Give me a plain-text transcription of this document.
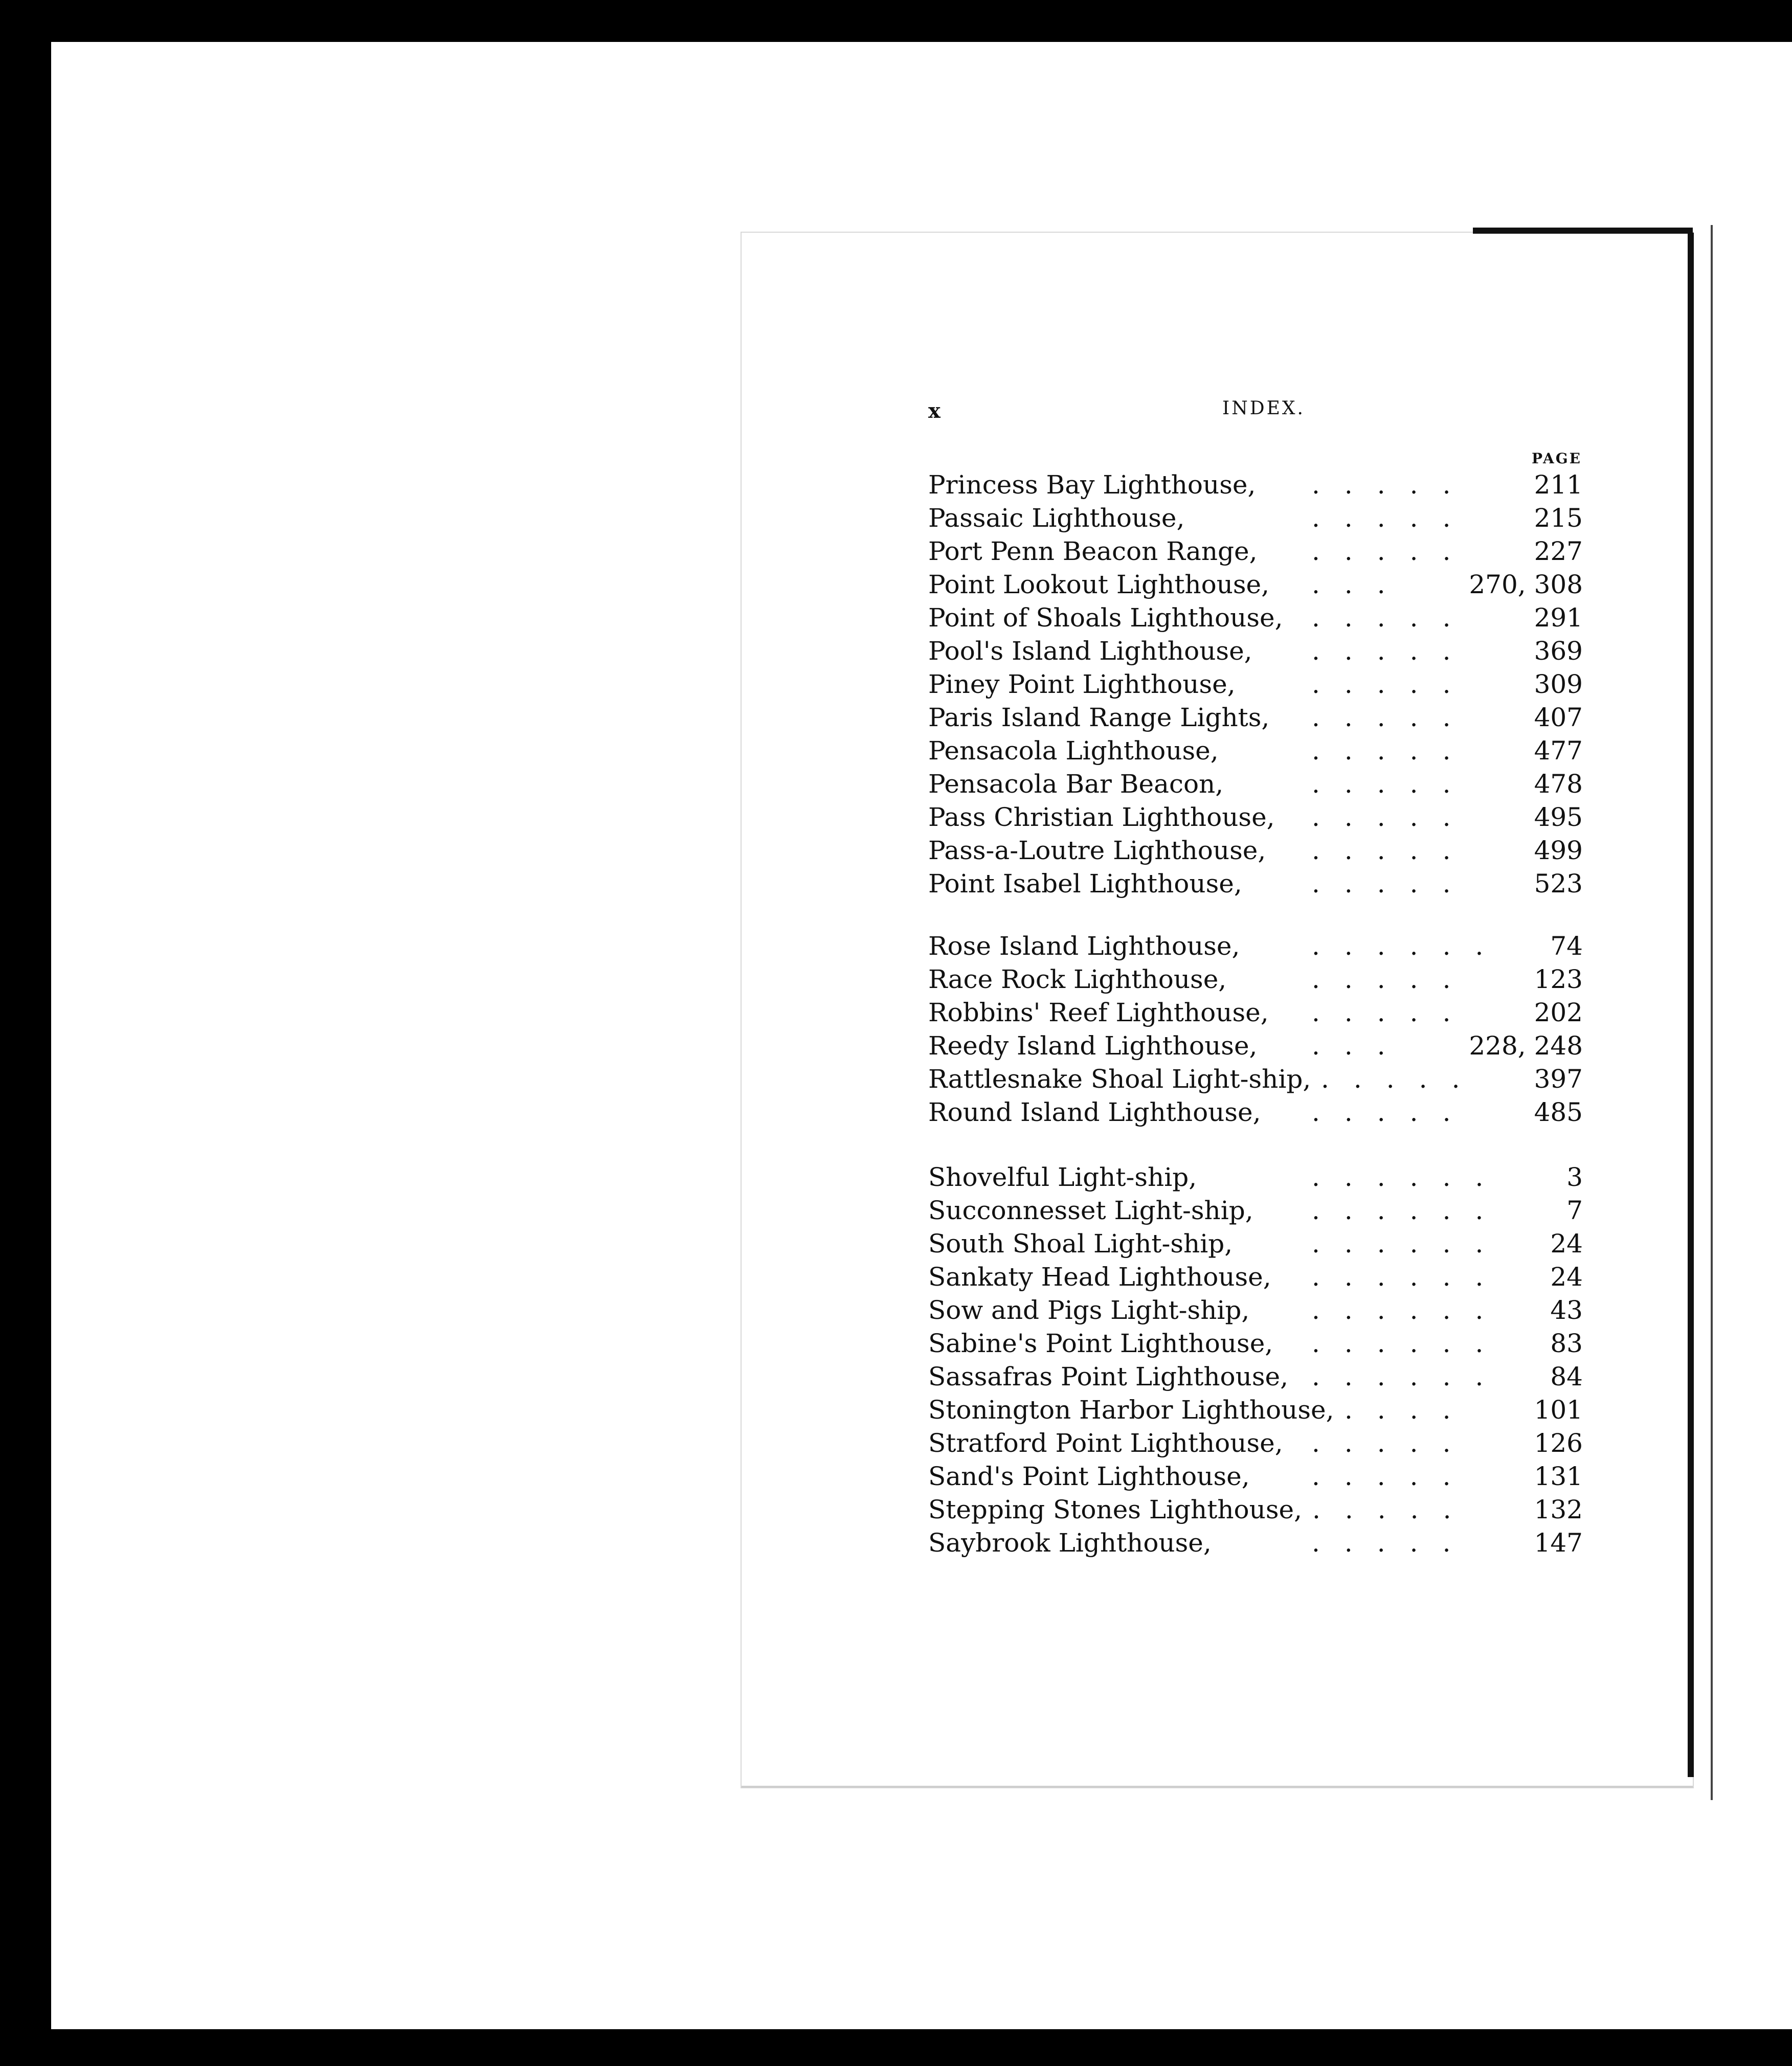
x	INDEX.
PAGE
Princess Bay Lighthouse, ..... 211
Passaic Lighthouse,	..... 215
Port Penn Beacon Range, ..... 227
Point Lookout Lighthouse, ... 270, 308
Point of Shoals Lighthouse, ..... 291
Pool's Island Lighthouse, ..... 369
Piney Point Lighthouse,	..... 309
Paris Island Range Lights, ..... 407
Pensacola Lighthouse,	..... 477
Pensacola Bar Beacon,	..... 478
Pass Christian Lighthouse, ..... 495
Pass-a-Loutre Lighthouse, ..... 499
Point Isabel Lighthouse,	..... 523
Rose Island Lighthouse,	...... 74
Race Rock Lighthouse,	..... 123
Robbins' Reef Lighthouse, ..... 202
Reedy Island Lighthouse, ... 228, 248
Rattlesnake Shoal Light-ship, ..... 397
Round Island Lighthouse, ..... 485
Shovelful Light-ship,	...... 3
Succonnesset Light-ship, ...... 7
South Shoal Light-ship,	...... 24
Sankaty Head Lighthouse, ...... 24
Sow and Pigs Light-ship, ...... 43
Sabine's Point Lighthouse, ...... 83
Sassafras Point Lighthouse, ...... 84
Stonington Harbor Lighthouse, .... 101
Stratford Point Lighthouse, ..... 126
Sand's Point Lighthouse, ..... 131
Stepping Stones Lighthouse, ..... 132
Saybrook Lighthouse,	..... 147
